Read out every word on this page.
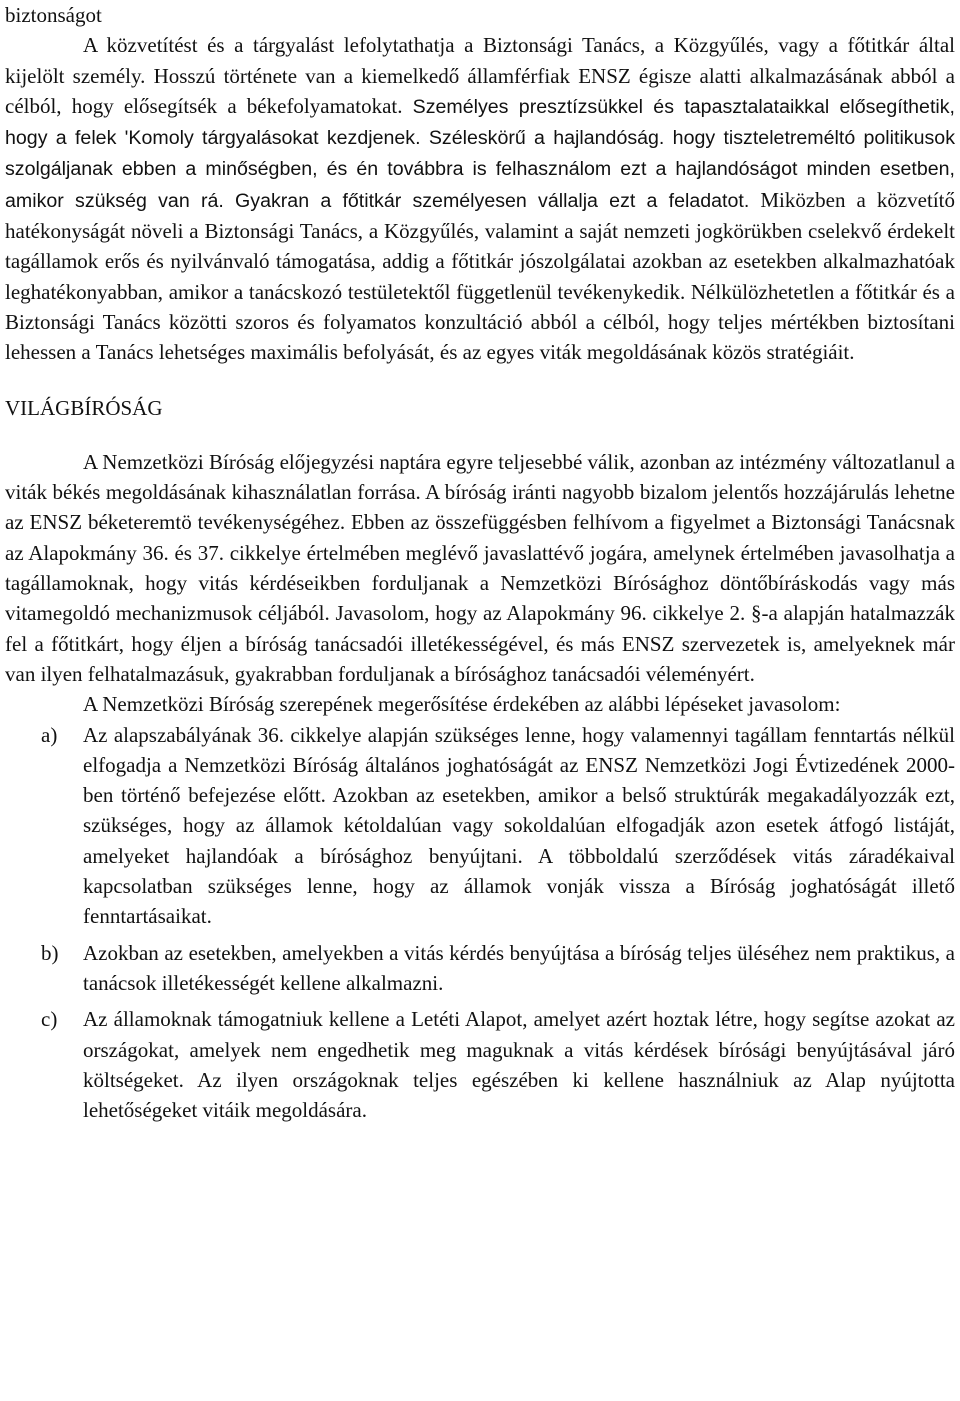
biztonságot

A közvetítést és a tárgyalást lefolytathatja a Biztonsági Tanács, a Közgyűlés, vagy a főtitkár által kijelölt személy. Hosszú története van a kiemelkedő államférfiak ENSZ égisze alatti alkalmazásának abból a célból, hogy elősegítsék a békefolyamatokat. Személyes presztízsükkel és tapasztalataikkal elősegíthetik, hogy a felek 'Komoly tárgyalásokat kezdjenek. Széleskörű a hajlandóság. hogy tiszteletreméltó politikusok szolgáljanak ebben a minőségben, és én továbbra is felhasználom ezt a hajlandóságot minden esetben, amikor szükség van rá. Gyakran a főtitkár személyesen vállalja ezt a feladatot. Miközben a közvetítő hatékonyságát növeli a Biztonsági Tanács, a Közgyűlés, valamint a saját nemzeti jogkörükben cselekvő érdekelt tagállamok erős és nyilvánvaló támogatása, addig a főtitkár jószolgálatai azokban az esetekben alkalmazhatóak leghatékonyabban, amikor a tanácskozó testületektől függetlenül tevékenykedik. Nélkülözhetetlen a főtitkár és a Biztonsági Tanács közötti szoros és folyamatos konzultáció abból a célból, hogy teljes mértékben biztosítani lehessen a Tanács lehetséges maximális befolyását, és az egyes viták megoldásának közös stratégiáit.

VILÁGBÍRÓSÁG

A Nemzetközi Bíróság előjegyzési naptára egyre teljesebbé válik, azonban az intézmény változatlanul a viták békés megoldásának kihasználatlan forrása. A bíróság iránti nagyobb bizalom jelentős hozzájárulás lehetne az ENSZ béketeremtö tevékenységéhez. Ebben az összefüggésben felhívom a figyelmet a Biztonsági Tanácsnak az Alapokmány 36. és 37. cikkelye értelmében meglévő javaslattévő jogára, amelynek értelmében javasolhatja a tagállamoknak, hogy vitás kérdéseikben forduljanak a Nemzetközi Bírósághoz döntőbíráskodás vagy más vitamegoldó mechanizmusok céljából. Javasolom, hogy az Alapokmány 96. cikkelye 2. §-a alapján hatalmazzák fel a főtitkárt, hogy éljen a bíróság tanácsadói illetékességével, és más ENSZ szervezetek is, amelyeknek már van ilyen felhatalmazásuk, gyakrabban forduljanak a bírósághoz tanácsadói véleményért.

A Nemzetközi Bíróság szerepének megerősítése érdekében az alábbi lépéseket javasolom:

a) Az alapszabályának 36. cikkelye alapján szükséges lenne, hogy valamennyi tagállam fenntartás nélkül elfogadja a Nemzetközi Bíróság általános joghatóságát az ENSZ Nemzetközi Jogi Évtizedének 2000-ben történő befejezése előtt. Azokban az esetekben, amikor a belső struktúrák megakadályozzák ezt, szükséges, hogy az államok kétoldalúan vagy sokoldalúan elfogadják azon esetek átfogó listáját, amelyeket hajlandóak a bírósághoz benyújtani. A többoldalú szerződések vitás záradékaival kapcsolatban szükséges lenne, hogy az államok vonják vissza a Bíróság joghatóságát illető fenntartásaikat.
b) Azokban az esetekben, amelyekben a vitás kérdés benyújtása a bíróság teljes üléséhez nem praktikus, a tanácsok illetékességét kellene alkalmazni.
c) Az államoknak támogatniuk kellene a Letéti Alapot, amelyet azért hoztak létre, hogy segítse azokat az országokat, amelyek nem engedhetik meg maguknak a vitás kérdések bírósági benyújtásával járó költségeket. Az ilyen országoknak teljes egészében ki kellene használniuk az Alap nyújtotta lehetőségeket vitáik megoldására.
